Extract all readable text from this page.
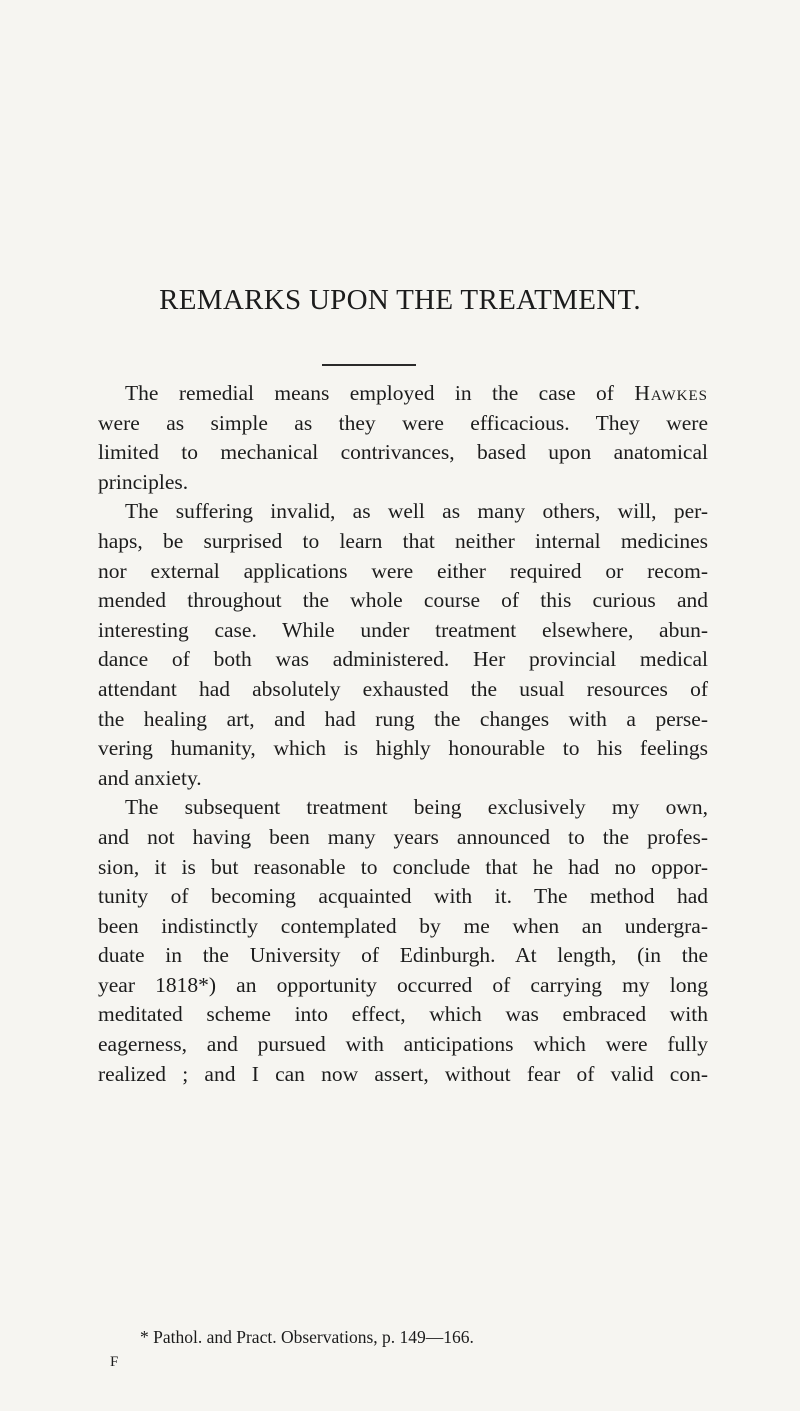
REMARKS UPON THE TREATMENT.
The remedial means employed in the case of Hawkes
were as simple as they were efficacious. They were
limited to mechanical contrivances, based upon anatomical
principles.
The suffering invalid, as well as many others, will, per-
haps, be surprised to learn that neither internal medicines
nor external applications were either required or recom-
mended throughout the whole course of this curious and
interesting case. While under treatment elsewhere, abun-
dance of both was administered. Her provincial medical
attendant had absolutely exhausted the usual resources of
the healing art, and had rung the changes with a perse-
vering humanity, which is highly honourable to his feelings
and anxiety.
The subsequent treatment being exclusively my own,
and not having been many years announced to the profes-
sion, it is but reasonable to conclude that he had no oppor-
tunity of becoming acquainted with it. The method had
been indistinctly contemplated by me when an undergra-
duate in the University of Edinburgh. At length, (in the
year 1818*) an opportunity occurred of carrying my long
meditated scheme into effect, which was embraced with
eagerness, and pursued with anticipations which were fully
realized ; and I can now assert, without fear of valid con-
* Pathol. and Pract. Observations, p. 149—166.
F
